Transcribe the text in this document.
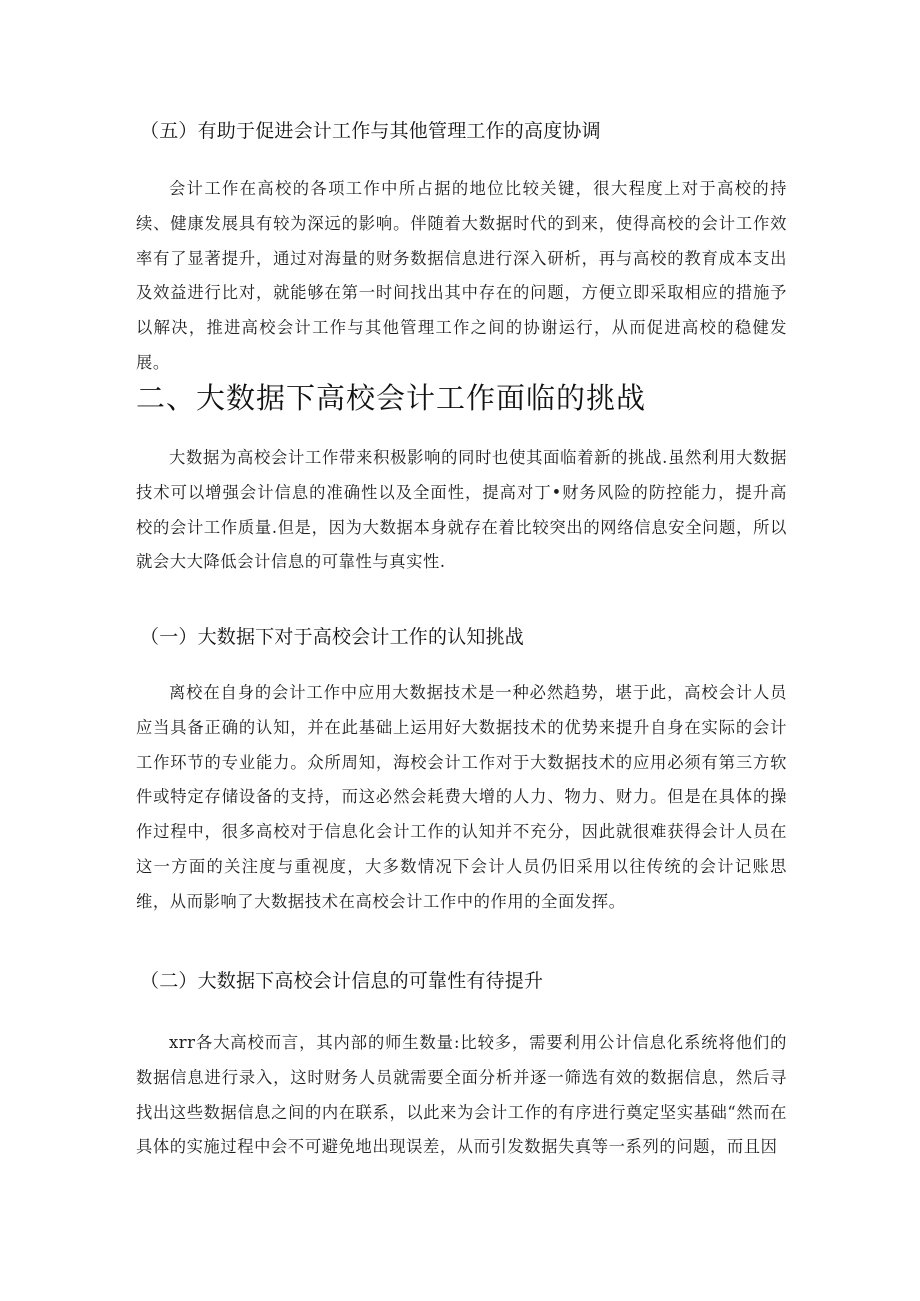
（五）有助于促进会计工作与其他管理工作的高度协调

会计工作在高校的各项工作中所占据的地位比较关键，很大程度上对于高校的持续、健康发展具有较为深远的影响。伴随着大数据时代的到来，使得高校的会计工作效率有了显著提升，通过对海量的财务数据信息进行深入研析，再与高校的教育成本支出及效益进行比对，就能够在第一时间找出其中存在的问题，方便立即采取相应的措施予以解决，推进高校会计工作与其他管理工作之间的协谢运行，从而促进高校的稳健发展。

二、大数据下高校会计工作面临的挑战

大数据为高校会计工作带来积极影响的同时也使其面临着新的挑战.虽然利用大数据技术可以增强会计信息的准确性以及全面性，提高对丁•财务风险的防控能力，提升高校的会计工作质量.但是，因为大数据本身就存在着比较突出的网络信息安全问题，所以就会大大降低会计信息的可靠性与真实性.

（一）大数据下对于高校会计工作的认知挑战

离校在自身的会计工作中应用大数据技术是一种必然趋势，堪于此，高校会计人员应当具备正确的认知，并在此基础上运用好大数据技术的优势来提升自身在实际的会计工作环节的专业能力。众所周知，海校会计工作对于大数据技术的应用必须有第三方软件或特定存储设备的支持，而这必然会耗费大增的人力、物力、财力。但是在具体的操作过程中，很多高校对于信息化会计工作的认知并不充分，因此就很难获得会计人员在这一方面的关注度与重视度，大多数情况下会计人员仍旧采用以往传统的会计记账思维，从而影响了大数据技术在高校会计工作中的作用的全面发挥。

（二）大数据下高校会计信息的可靠性有待提升

xrr各大高校而言，其内部的师生数量:比较多，需要利用公计信息化系统将他们的数据信息进行录入，这时财务人员就需要全面分析并逐一筛选有效的数据信息，然后寻找出这些数据信息之间的内在联系，以此来为会计工作的有序进行奠定坚实基础“然而在具体的实施过程中会不可避免地出现误差，从而引发数据失真等一系列的问题，而且因
